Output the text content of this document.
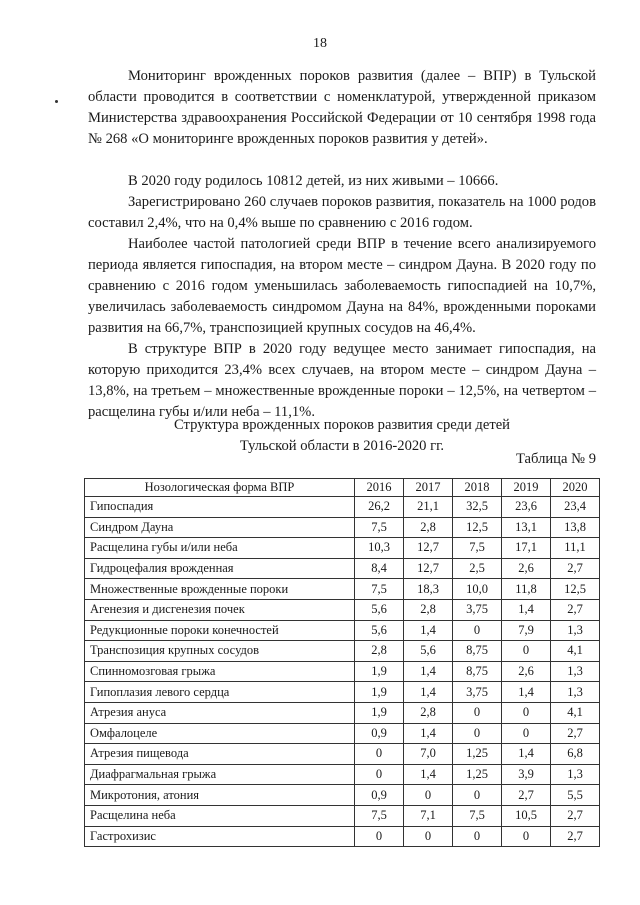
18

Мониторинг врожденных пороков развития (далее – ВПР) в Тульской области проводится в соответствии с номенклатурой, утвержденной приказом Министерства здравоохранения Российской Федерации от 10 сентября 1998 года № 268 «О мониторинге врожденных пороков развития у детей».

В 2020 году родилось 10812 детей, из них живыми – 10666.

Зарегистрировано 260 случаев пороков развития, показатель на 1000 родов составил 2,4%, что на 0,4% выше по сравнению с 2016 годом.

Наиболее частой патологией среди ВПР в течение всего анализируемого периода является гипоспадия, на втором месте – синдром Дауна. В 2020 году по сравнению с 2016 годом уменьшилась заболеваемость гипоспадией на 10,7%, увеличилась заболеваемость синдромом Дауна на 84%, врожденными пороками развития на 66,7%, транспозицией крупных сосудов на 46,4%.

В структуре ВПР в 2020 году ведущее место занимает гипоспадия, на которую приходится 23,4% всех случаев, на втором месте – синдром Дауна – 13,8%, на третьем – множественные врожденные пороки – 12,5%, на четвертом – расщелина губы и/или неба – 11,1%.

Структура врожденных пороков развития среди детей
Тульской области в 2016-2020 гг.
Таблица № 9
Нозологическая форма ВПР	2016	2017	2018	2019	2020
Гипоспадия	26,2	21,1	32,5	23,6	23,4
Синдром Дауна	7,5	2,8	12,5	13,1	13,8
Расщелина губы и/или неба	10,3	12,7	7,5	17,1	11,1
Гидроцефалия врожденная	8,4	12,7	2,5	2,6	2,7
Множественные врожденные пороки	7,5	18,3	10,0	11,8	12,5
Агенезия и дисгенезия почек	5,6	2,8	3,75	1,4	2,7
Редукционные пороки конечностей	5,6	1,4	0	7,9	1,3
Транспозиция крупных сосудов	2,8	5,6	8,75	0	4,1
Спинномозговая грыжа	1,9	1,4	8,75	2,6	1,3
Гипоплазия левого сердца	1,9	1,4	3,75	1,4	1,3
Атрезия ануса	1,9	2,8	0	0	4,1
Омфалоцеле	0,9	1,4	0	0	2,7
Атрезия пищевода	0	7,0	1,25	1,4	6,8
Диафрагмальная грыжа	0	1,4	1,25	3,9	1,3
Микротония, атония	0,9	0	0	2,7	5,5
Расщелина неба	7,5	7,1	7,5	10,5	2,7
Гастрохизис	0	0	0	0	2,7
